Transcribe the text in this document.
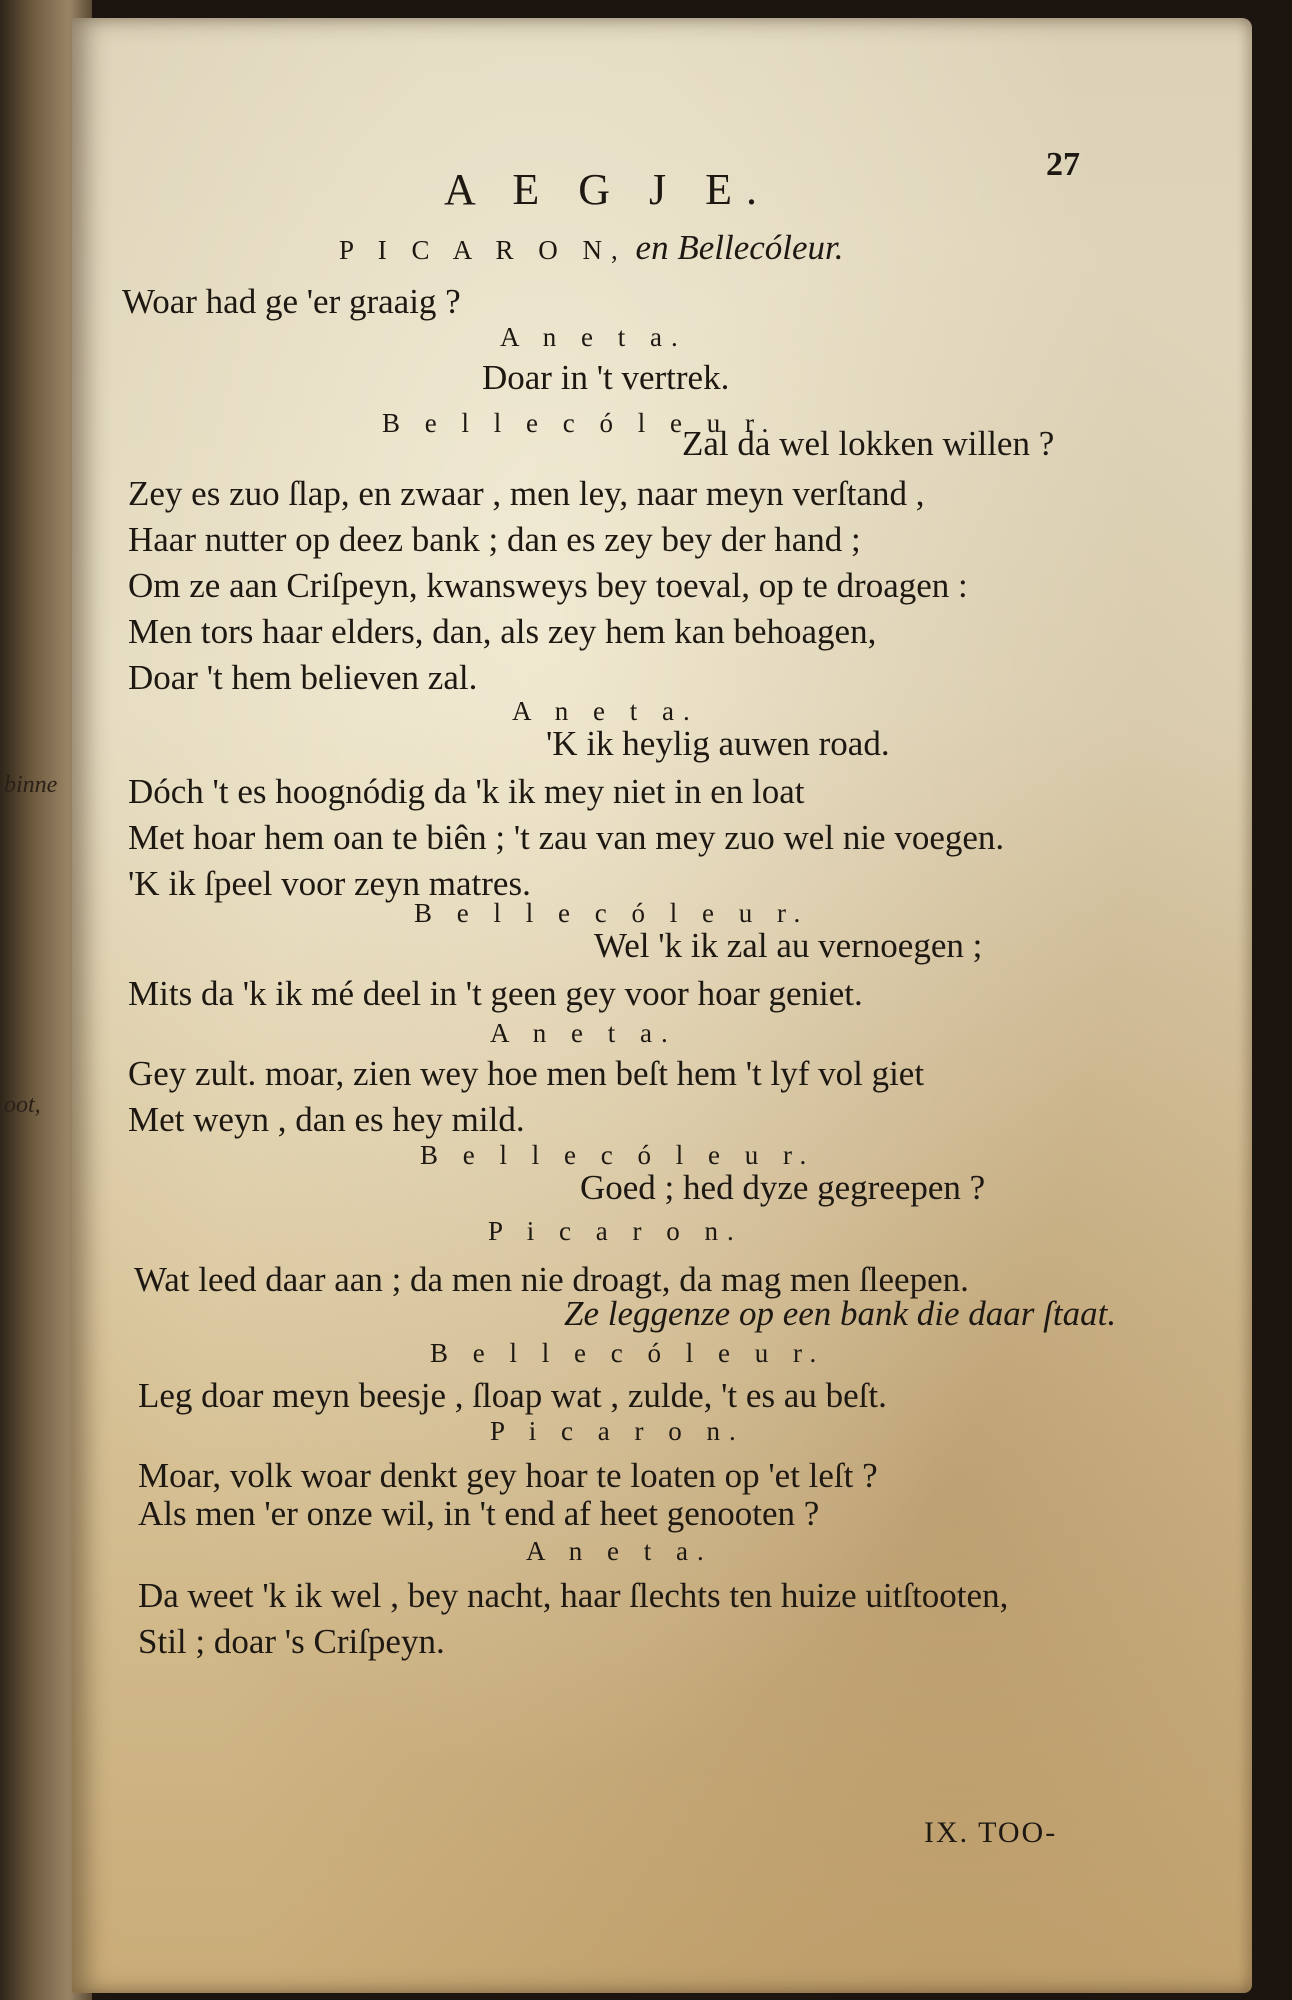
binne
oot,
27
A E G J E.
P I C A R O N, en Bellecóleur.
Woar had ge 'er graaig ?
A n e t a.
Doar in 't vertrek.
B e l l e c ó l e u r.
Zal da wel lokken willen ?
Zey es zuo ſlap, en zwaar , men ley, naar meyn verſtand ,
Haar nutter op deez bank ; dan es zey bey der hand ;
Om ze aan Criſpeyn, kwansweys bey toeval, op te droagen :
Men tors haar elders, dan, als zey hem kan behoagen,
Doar 't hem believen zal.
A n e t a.
'K ik heylig auwen road.
Dóch 't es hoognódig da 'k ik mey niet in en loat
Met hoar hem oan te biên ; 't zau van mey zuo wel nie voegen.
'K ik ſpeel voor zeyn matres.
B e l l e c ó l e u r.
Wel 'k ik zal au vernoegen ;
Mits da 'k ik mé deel in 't geen gey voor hoar geniet.
A n e t a.
Gey zult. moar, zien wey hoe men beſt hem 't lyf vol giet
Met weyn , dan es hey mild.
B e l l e c ó l e u r.
Goed ; hed dyze gegreepen ?
P i c a r o n.
Wat leed daar aan ; da men nie droagt, da mag men ſleepen.
Ze leggenze op een bank die daar ſtaat.
B e l l e c ó l e u r.
Leg doar meyn beesje , ſloap wat , zulde, 't es au beſt.
P i c a r o n.
Moar, volk woar denkt gey hoar te loaten op 'et leſt ?
Als men 'er onze wil, in 't end af heet genooten ?
A n e t a.
Da weet 'k ik wel , bey nacht, haar ſlechts ten huize uitſtooten,
Stil ; doar 's Criſpeyn.
IX. TOO-
